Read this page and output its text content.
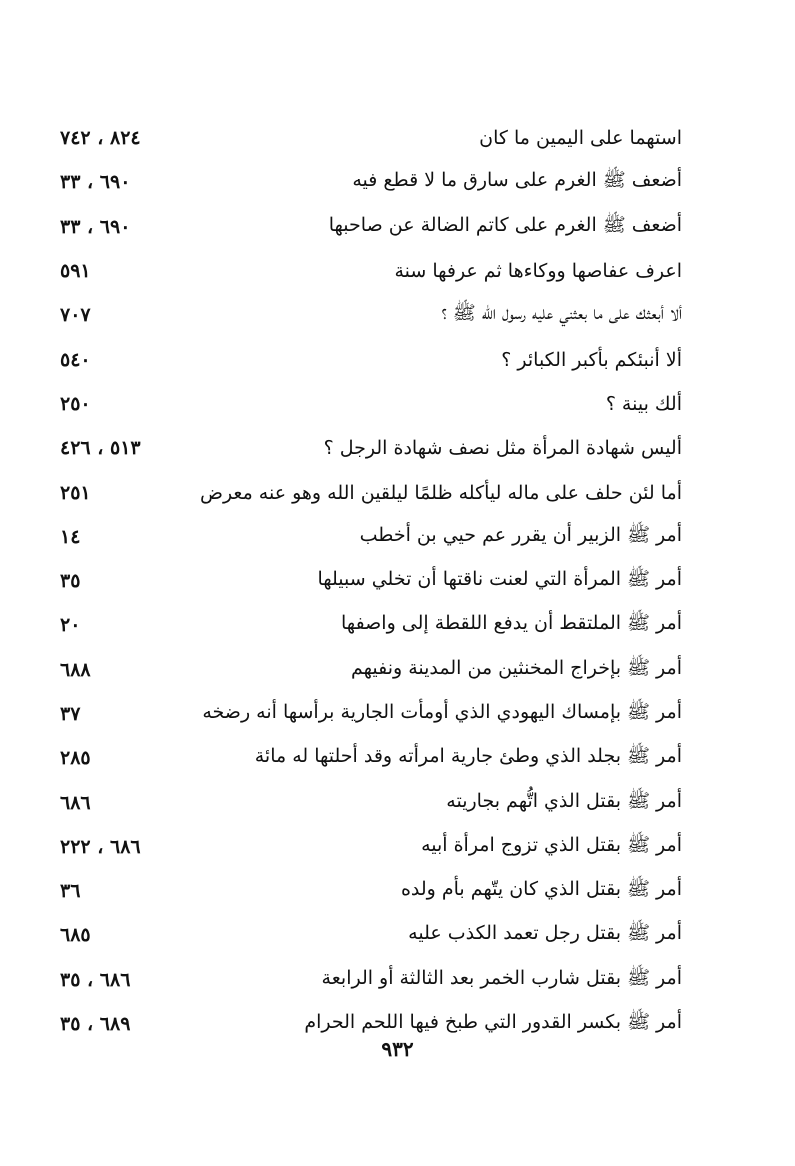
استهما على اليمين ما كان
٨٢٤ ، ٧٤٢
أضعف ﷺ الغرم على سارق ما لا قطع فيه
٦٩٠ ، ٣٣
أضعف ﷺ الغرم على كاتم الضالة عن صاحبها
٦٩٠ ، ٣٣
اعرف عفاصها ووكاءها ثم عرفها سنة
٥٩١
ألا أبعثك على ما بعثني عليه رسول الله ﷺ ؟
٧٠٧
ألا أنبئكم بأكبر الكبائر ؟
٥٤٠
ألك بينة ؟
٢٥٠
أليس شهادة المرأة مثل نصف شهادة الرجل ؟
٥١٣ ، ٤٢٦
أما لئن حلف على ماله ليأكله ظلمًا ليلقين الله وهو عنه معرض
٢٥١
أمر ﷺ الزبير أن يقرر عم حيي بن أخطب
١٤
أمر ﷺ المرأة التي لعنت ناقتها أن تخلي سبيلها
٣٥
أمر ﷺ الملتقط أن يدفع اللقطة إلى واصفها
٢٠
أمر ﷺ بإخراج المخنثين من المدينة ونفيهم
٦٨٨
أمر ﷺ بإمساك اليهودي الذي أومأت الجارية برأسها أنه رضخه
٣٧
أمر ﷺ بجلد الذي وطئ جارية امرأته وقد أحلتها له مائة
٢٨٥
أمر ﷺ بقتل الذي اتُّهم بجاريته
٦٨٦
أمر ﷺ بقتل الذي تزوج امرأة أبيه
٦٨٦ ، ٢٢٢
أمر ﷺ بقتل الذي كان يتّهم بأم ولده
٣٦
أمر ﷺ بقتل رجل تعمد الكذب عليه
٦٨٥
أمر ﷺ بقتل شارب الخمر بعد الثالثة أو الرابعة
٦٨٦ ، ٣٥
أمر ﷺ بكسر القدور التي طبخ فيها اللحم الحرام
٦٨٩ ، ٣٥
٩٣٢
